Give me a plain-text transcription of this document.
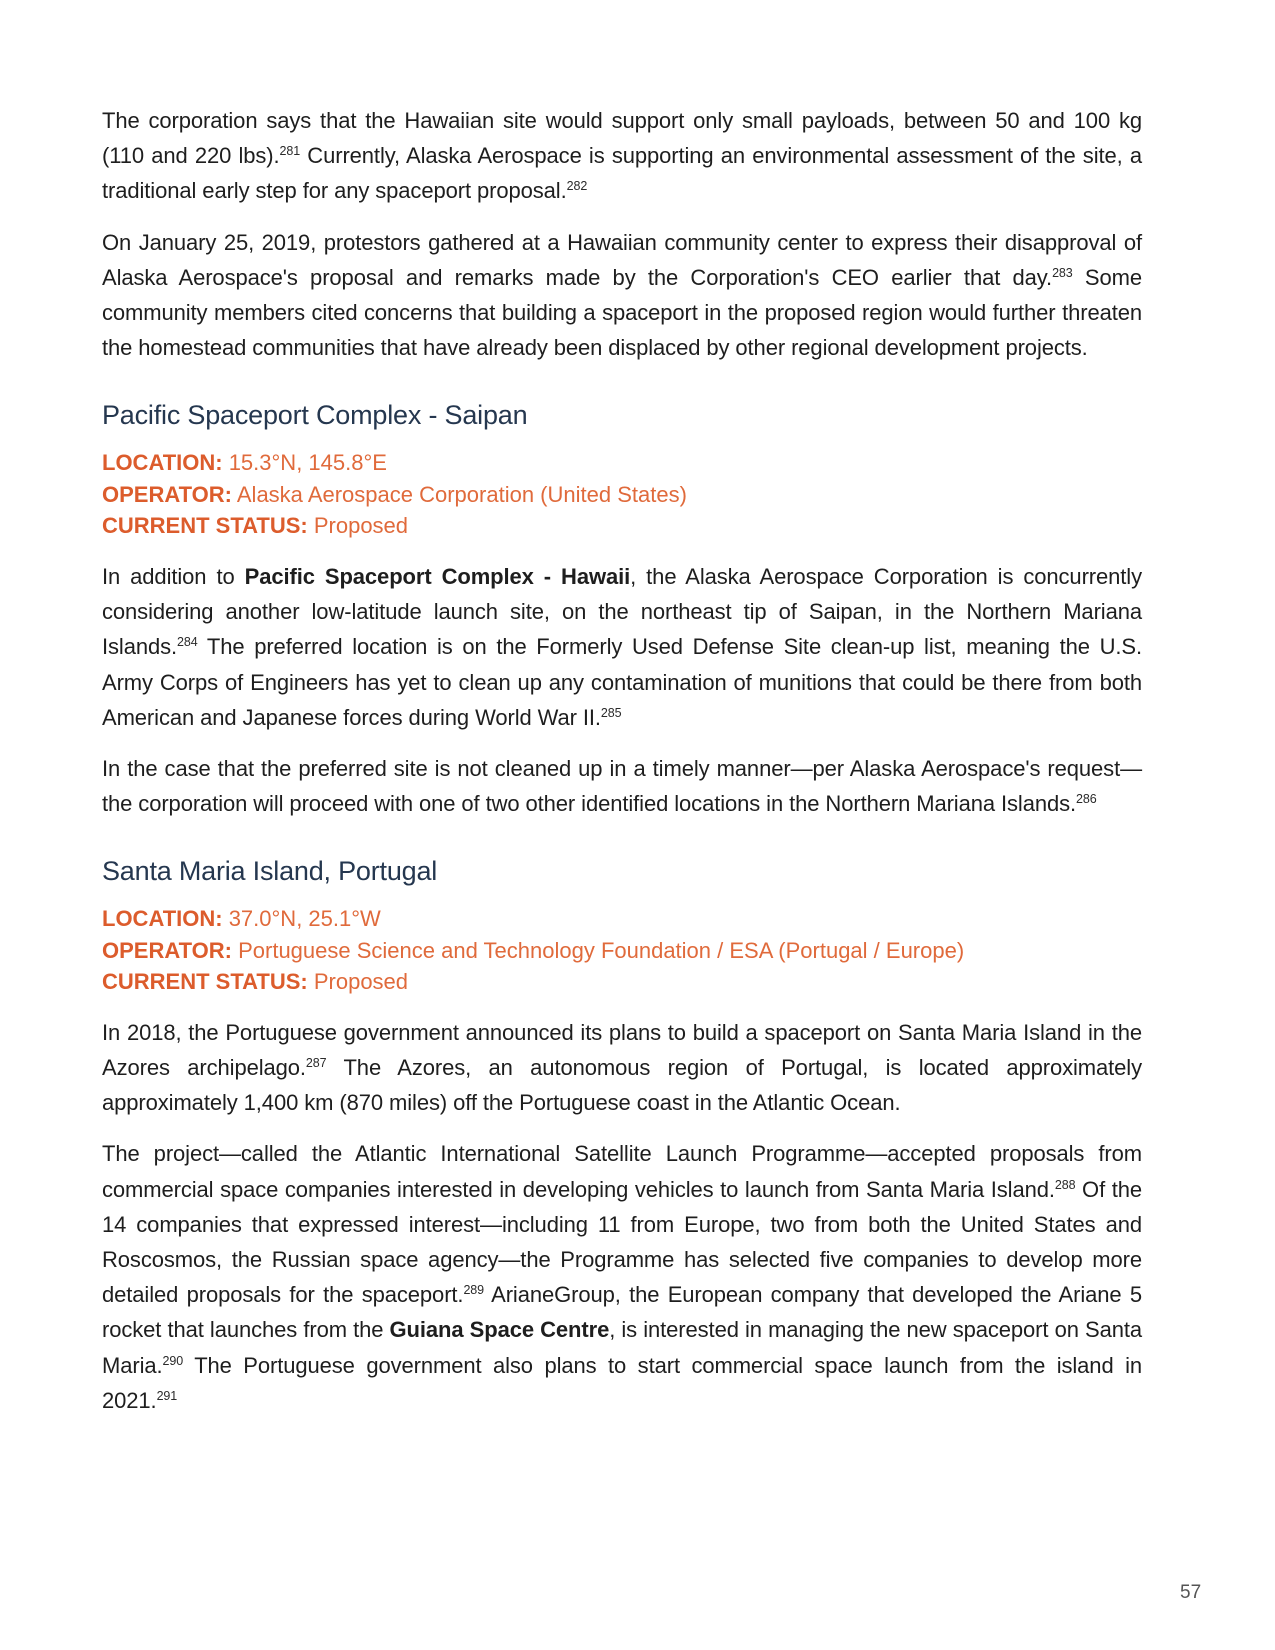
The corporation says that the Hawaiian site would support only small payloads, between 50 and 100 kg (110 and 220 lbs).$^{281}$ Currently, Alaska Aerospace is supporting an environmental assessment of the site, a traditional early step for any spaceport proposal.$^{282}$

On January 25, 2019, protestors gathered at a Hawaiian community center to express their disapproval of Alaska Aerospace's proposal and remarks made by the Corporation's CEO earlier that day.$^{283}$ Some community members cited concerns that building a spaceport in the proposed region would further threaten the homestead communities that have already been displaced by other regional development projects.

Pacific Spaceport Complex - Saipan
LOCATION: 15.3°N, 145.8°E
OPERATOR: Alaska Aerospace Corporation (United States)
CURRENT STATUS: Proposed

In addition to Pacific Spaceport Complex - Hawaii, the Alaska Aerospace Corporation is concurrently considering another low-latitude launch site, on the northeast tip of Saipan, in the Northern Mariana Islands.$^{284}$ The preferred location is on the Formerly Used Defense Site clean-up list, meaning the U.S. Army Corps of Engineers has yet to clean up any contamination of munitions that could be there from both American and Japanese forces during World War II.$^{285}$

In the case that the preferred site is not cleaned up in a timely manner—per Alaska Aerospace's request—the corporation will proceed with one of two other identified locations in the Northern Mariana Islands.$^{286}$

Santa Maria Island, Portugal
LOCATION: 37.0°N, 25.1°W
OPERATOR: Portuguese Science and Technology Foundation / ESA (Portugal / Europe)
CURRENT STATUS: Proposed

In 2018, the Portuguese government announced its plans to build a spaceport on Santa Maria Island in the Azores archipelago.$^{287}$ The Azores, an autonomous region of Portugal, is located approximately approximately 1,400 km (870 miles) off the Portuguese coast in the Atlantic Ocean.

The project—called the Atlantic International Satellite Launch Programme—accepted proposals from commercial space companies interested in developing vehicles to launch from Santa Maria Island.$^{288}$ Of the 14 companies that expressed interest—including 11 from Europe, two from both the United States and Roscosmos, the Russian space agency—the Programme has selected five companies to develop more detailed proposals for the spaceport.$^{289}$ ArianeGroup, the European company that developed the Ariane 5 rocket that launches from the Guiana Space Centre, is interested in managing the new spaceport on Santa Maria.$^{290}$ The Portuguese government also plans to start commercial space launch from the island in 2021.$^{291}$

57
